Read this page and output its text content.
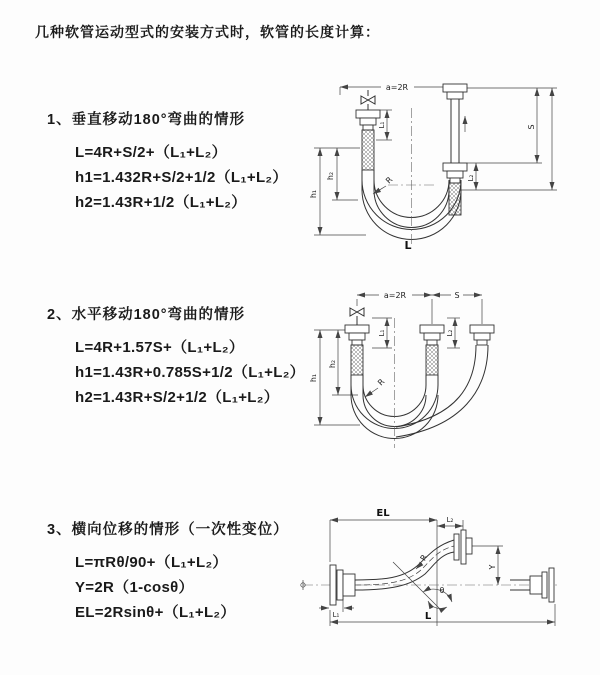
几种软管运动型式的安装方式时，软管的长度计算：
1、垂直移动180°弯曲的情形
L=4R+S/2+（L₁+L₂）
h1=1.432R+S/2+1/2（L₁+L₂）
h2=1.43R+1/2（L₁+L₂）
2、水平移动180°弯曲的情形
L=4R+1.57S+（L₁+L₂）
h1=1.43R+0.785S+1/2（L₁+L₂）
h2=1.43R+S/2+1/2（L₁+L₂）
3、横向位移的情形（一次性变位）
L=πRθ/90+（L₁+L₂）
Y=2R（1-cosθ）
EL=2Rsinθ+（L₁+L₂）
a=2R
h₁
h₂
L₁	S
L₂
R
L
a=2R	S
h₁
h₂
L₁	L₂
R
EL
L₂
Y
L
L₁
θ
R
